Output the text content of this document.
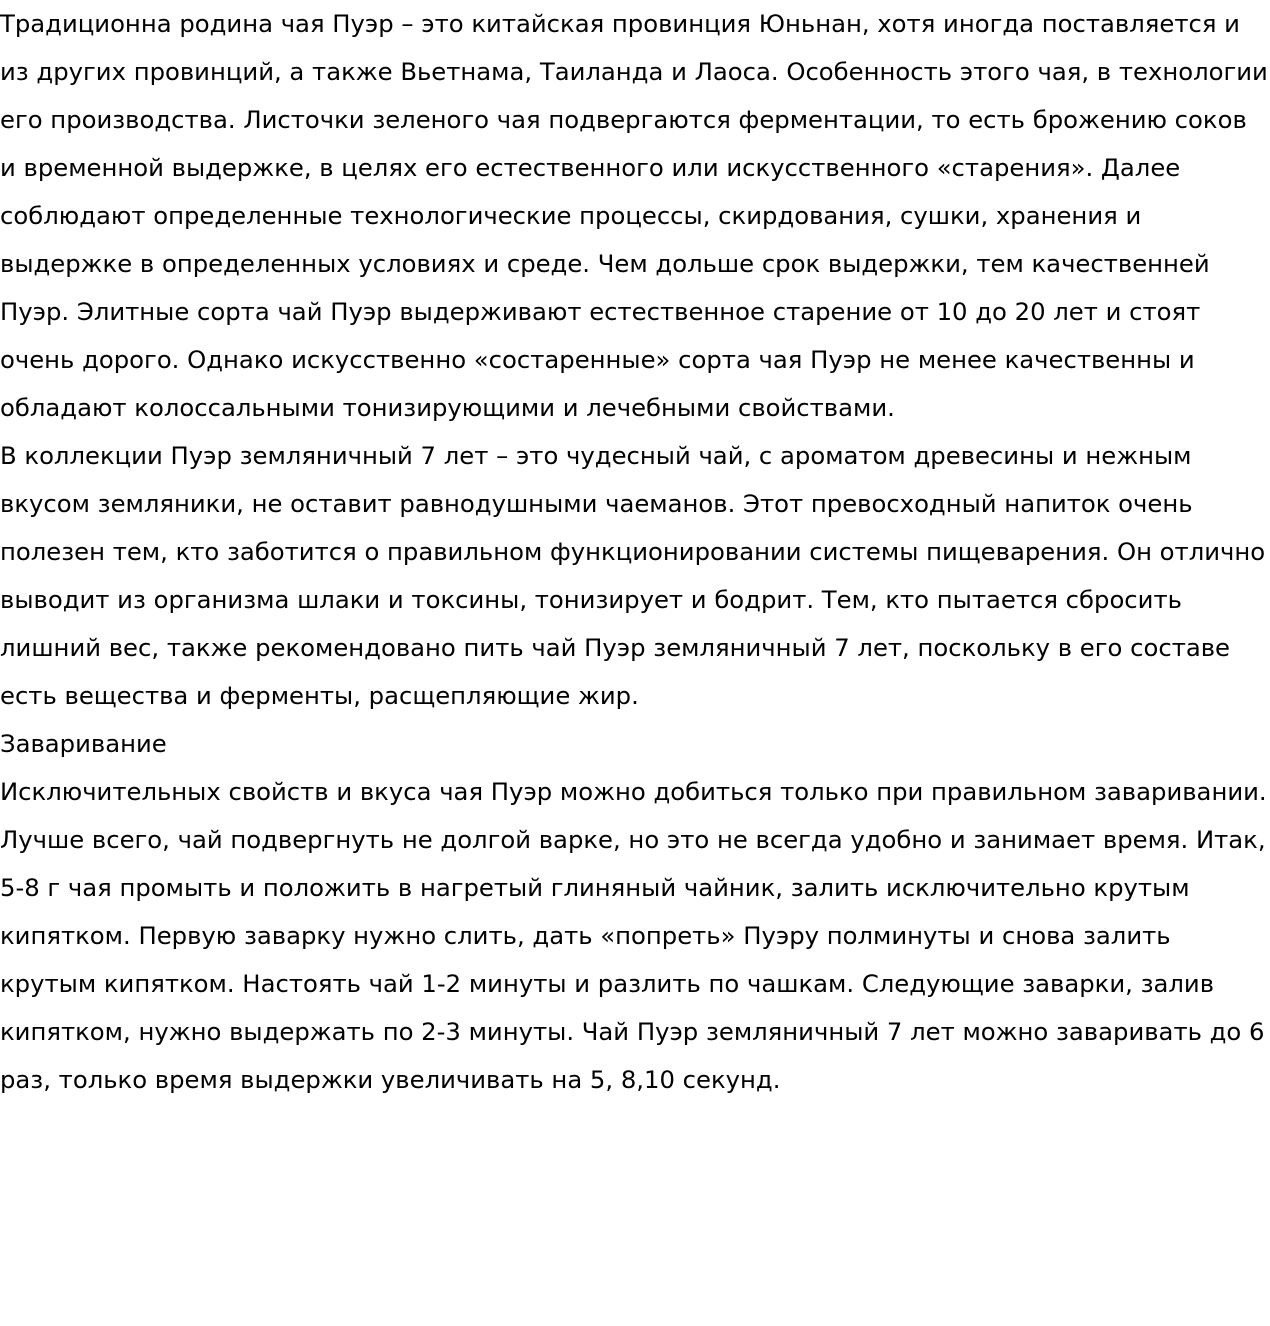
Традиционна родина чая Пуэр – это китайская провинция Юньнан, хотя иногда поставляется и из других провинций, а также Вьетнама, Таиланда и Лаоса. Особенность этого чая, в технологии его производства. Листочки зеленого чая подвергаются ферментации, то есть брожению соков и временной выдержке, в целях его естественного или искусственного «старения». Далее соблюдают определенные технологические процессы, скирдования, сушки, хранения и выдержке в определенных условиях и среде. Чем дольше срок выдержки, тем качественней Пуэр. Элитные сорта чай Пуэр выдерживают естественное старение от 10 до 20 лет и стоят очень дорого. Однако искусственно «состаренные» сорта чая Пуэр не менее качественны и обладают колоссальными тонизирующими и лечебными свойствами.

В коллекции Пуэр земляничный 7 лет – это чудесный чай, с ароматом древесины и нежным вкусом земляники, не оставит равнодушными чаеманов. Этот превосходный напиток очень полезен тем, кто заботится о правильном функционировании системы пищеварения. Он отлично выводит из организма шлаки и токсины, тонизирует и бодрит. Тем, кто пытается сбросить лишний вес, также рекомендовано пить чай Пуэр земляничный 7 лет, поскольку в его составе есть вещества и ферменты, расщепляющие жир.

Заваривание

Исключительных свойств и вкуса чая Пуэр можно добиться только при правильном заваривании. Лучше всего, чай подвергнуть не долгой варке, но это не всегда удобно и занимает время. Итак, 5-8 г чая промыть и положить в нагретый глиняный чайник, залить исключительно крутым кипятком. Первую заварку нужно слить, дать «попреть» Пуэру полминуты и снова залить крутым кипятком. Настоять чай 1-2 минуты и разлить по чашкам. Следующие заварки, залив кипятком, нужно выдержать по 2-3 минуты. Чай Пуэр земляничный 7 лет можно заваривать до 6 раз, только время выдержки увеличивать на 5, 8,10 секунд.
